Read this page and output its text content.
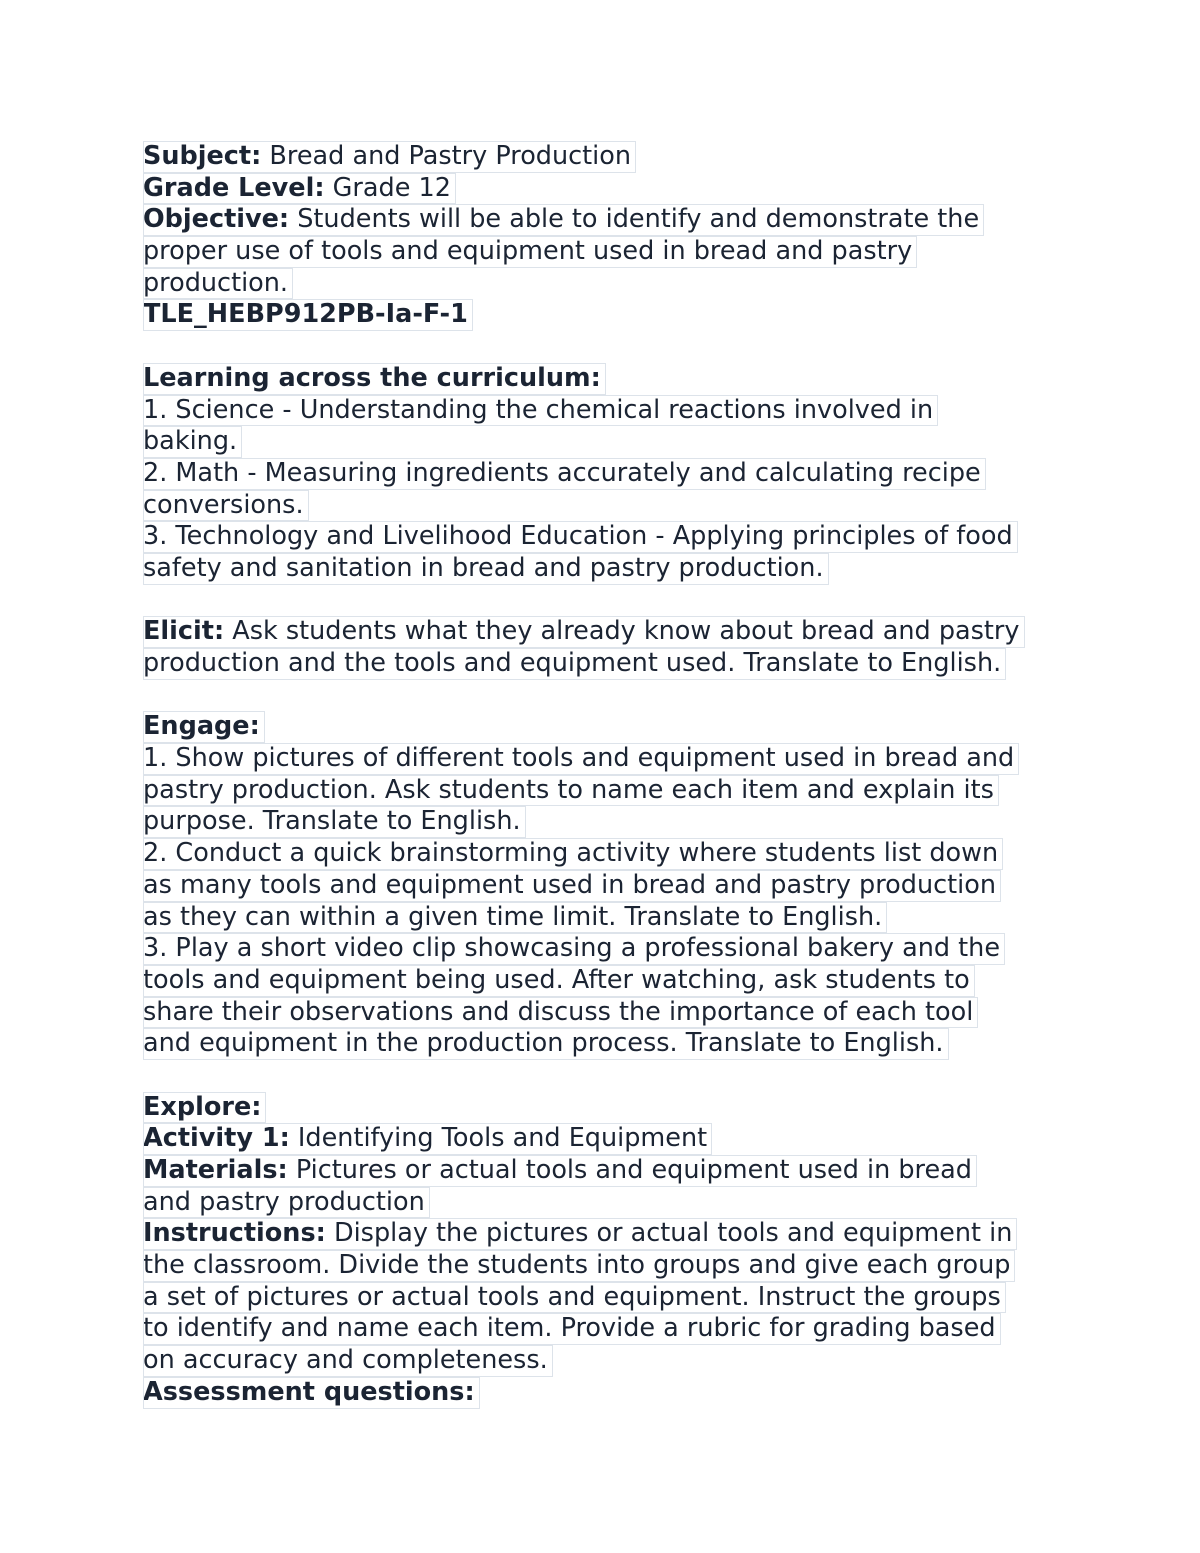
Subject: Bread and Pastry Production
Grade Level: Grade 12
Objective: Students will be able to identify and demonstrate the
proper use of tools and equipment used in bread and pastry
production.
TLE_HEBP912PB-Ia-F-1
Learning across the curriculum:
1. Science - Understanding the chemical reactions involved in
baking.
2. Math - Measuring ingredients accurately and calculating recipe
conversions.
3. Technology and Livelihood Education - Applying principles of food
safety and sanitation in bread and pastry production.
Elicit: Ask students what they already know about bread and pastry
production and the tools and equipment used. Translate to English.
Engage:
1. Show pictures of different tools and equipment used in bread and
pastry production. Ask students to name each item and explain its
purpose. Translate to English.
2. Conduct a quick brainstorming activity where students list down
as many tools and equipment used in bread and pastry production
as they can within a given time limit. Translate to English.
3. Play a short video clip showcasing a professional bakery and the
tools and equipment being used. After watching, ask students to
share their observations and discuss the importance of each tool
and equipment in the production process. Translate to English.
Explore:
Activity 1: Identifying Tools and Equipment
Materials: Pictures or actual tools and equipment used in bread
and pastry production
Instructions: Display the pictures or actual tools and equipment in
the classroom. Divide the students into groups and give each group
a set of pictures or actual tools and equipment. Instruct the groups
to identify and name each item. Provide a rubric for grading based
on accuracy and completeness.
Assessment questions:
